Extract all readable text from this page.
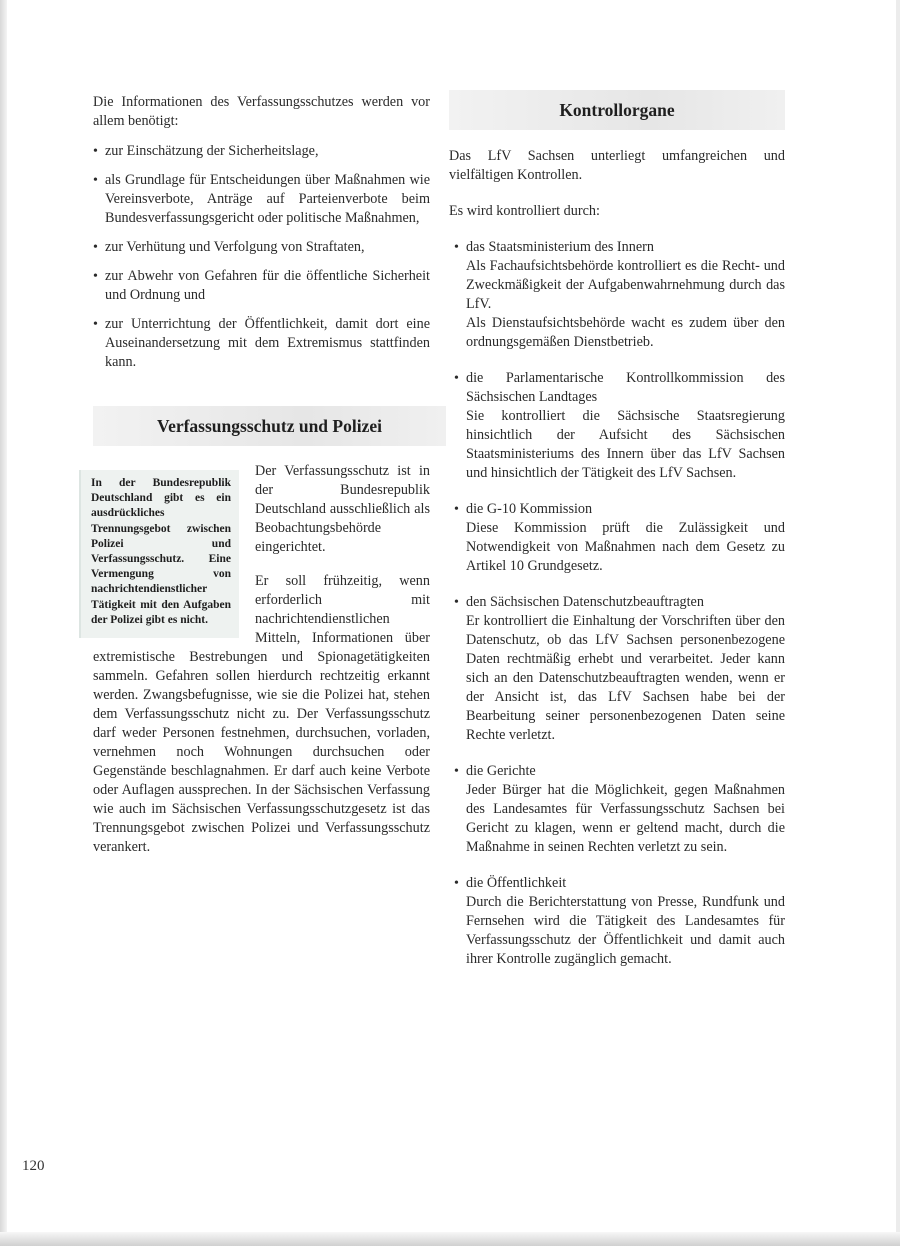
Die Informationen des Verfassungsschutzes werden vor allem benötigt:

• zur Einschätzung der Sicherheitslage,
• als Grundlage für Entscheidungen über Maßnahmen wie Vereinsverbote, Anträge auf Parteienverbote beim Bundesverfassungsgericht oder politische Maßnahmen,
• zur Verhütung und Verfolgung von Straftaten,
• zur Abwehr von Gefahren für die öffentliche Sicherheit und Ordnung und
• zur Unterrichtung der Öffentlichkeit, damit dort eine Auseinandersetzung mit dem Extremismus stattfinden kann.
Verfassungsschutz und Polizei
In der Bundesrepublik Deutschland gibt es ein ausdrückliches Trennungsgebot zwischen Polizei und Verfassungsschutz. Eine Vermengung von nachrichtendienstlicher Tätigkeit mit den Aufgaben der Polizei gibt es nicht.

Der Verfassungsschutz ist in der Bundesrepublik Deutschland ausschließlich als Beobachtungsbehörde eingerichtet.

Er soll frühzeitig, wenn erforderlich mit nachrichtendienstlichen Mitteln, Informationen über extremistische Bestrebungen und Spionagetätigkeiten sammeln. Gefahren sollen hierdurch rechtzeitig erkannt werden. Zwangsbefugnisse, wie sie die Polizei hat, stehen dem Verfassungsschutz nicht zu. Der Verfassungsschutz darf weder Personen festnehmen, durchsuchen, vorladen, vernehmen noch Wohnungen durchsuchen oder Gegenstände beschlagnahmen. Er darf auch keine Verbote oder Auflagen aussprechen. In der Sächsischen Verfassung wie auch im Sächsischen Verfassungsschutzgesetz ist das Trennungsgebot zwischen Polizei und Verfassungsschutz verankert.

Kontrollorgane

Das LfV Sachsen unterliegt umfangreichen und vielfältigen Kontrollen.

Es wird kontrolliert durch:

• das Staatsministerium des Innern
Als Fachaufsichtsbehörde kontrolliert es die Recht- und Zweckmäßigkeit der Aufgabenwahrnehmung durch das LfV.
Als Dienstaufsichtsbehörde wacht es zudem über den ordnungsgemäßen Dienstbetrieb.
• die Parlamentarische Kontrollkommission des Sächsischen Landtages
Sie kontrolliert die Sächsische Staatsregierung hinsichtlich der Aufsicht des Sächsischen Staatsministeriums des Innern über das LfV Sachsen und hinsichtlich der Tätigkeit des LfV Sachsen.
• die G-10 Kommission
Diese Kommission prüft die Zulässigkeit und Notwendigkeit von Maßnahmen nach dem Gesetz zu Artikel 10 Grundgesetz.
• den Sächsischen Datenschutzbeauftragten
Er kontrolliert die Einhaltung der Vorschriften über den Datenschutz, ob das LfV Sachsen personenbezogene Daten rechtmäßig erhebt und verarbeitet. Jeder kann sich an den Datenschutzbeauftragten wenden, wenn er der Ansicht ist, das LfV Sachsen habe bei der Bearbeitung seiner personenbezogenen Daten seine Rechte verletzt.
• die Gerichte
Jeder Bürger hat die Möglichkeit, gegen Maßnahmen des Landesamtes für Verfassungsschutz Sachsen bei Gericht zu klagen, wenn er geltend macht, durch die Maßnahme in seinen Rechten verletzt zu sein.
• die Öffentlichkeit
Durch die Berichterstattung von Presse, Rundfunk und Fernsehen wird die Tätigkeit des Landesamtes für Verfassungsschutz der Öffentlichkeit und damit auch ihrer Kontrolle zugänglich gemacht.
120
